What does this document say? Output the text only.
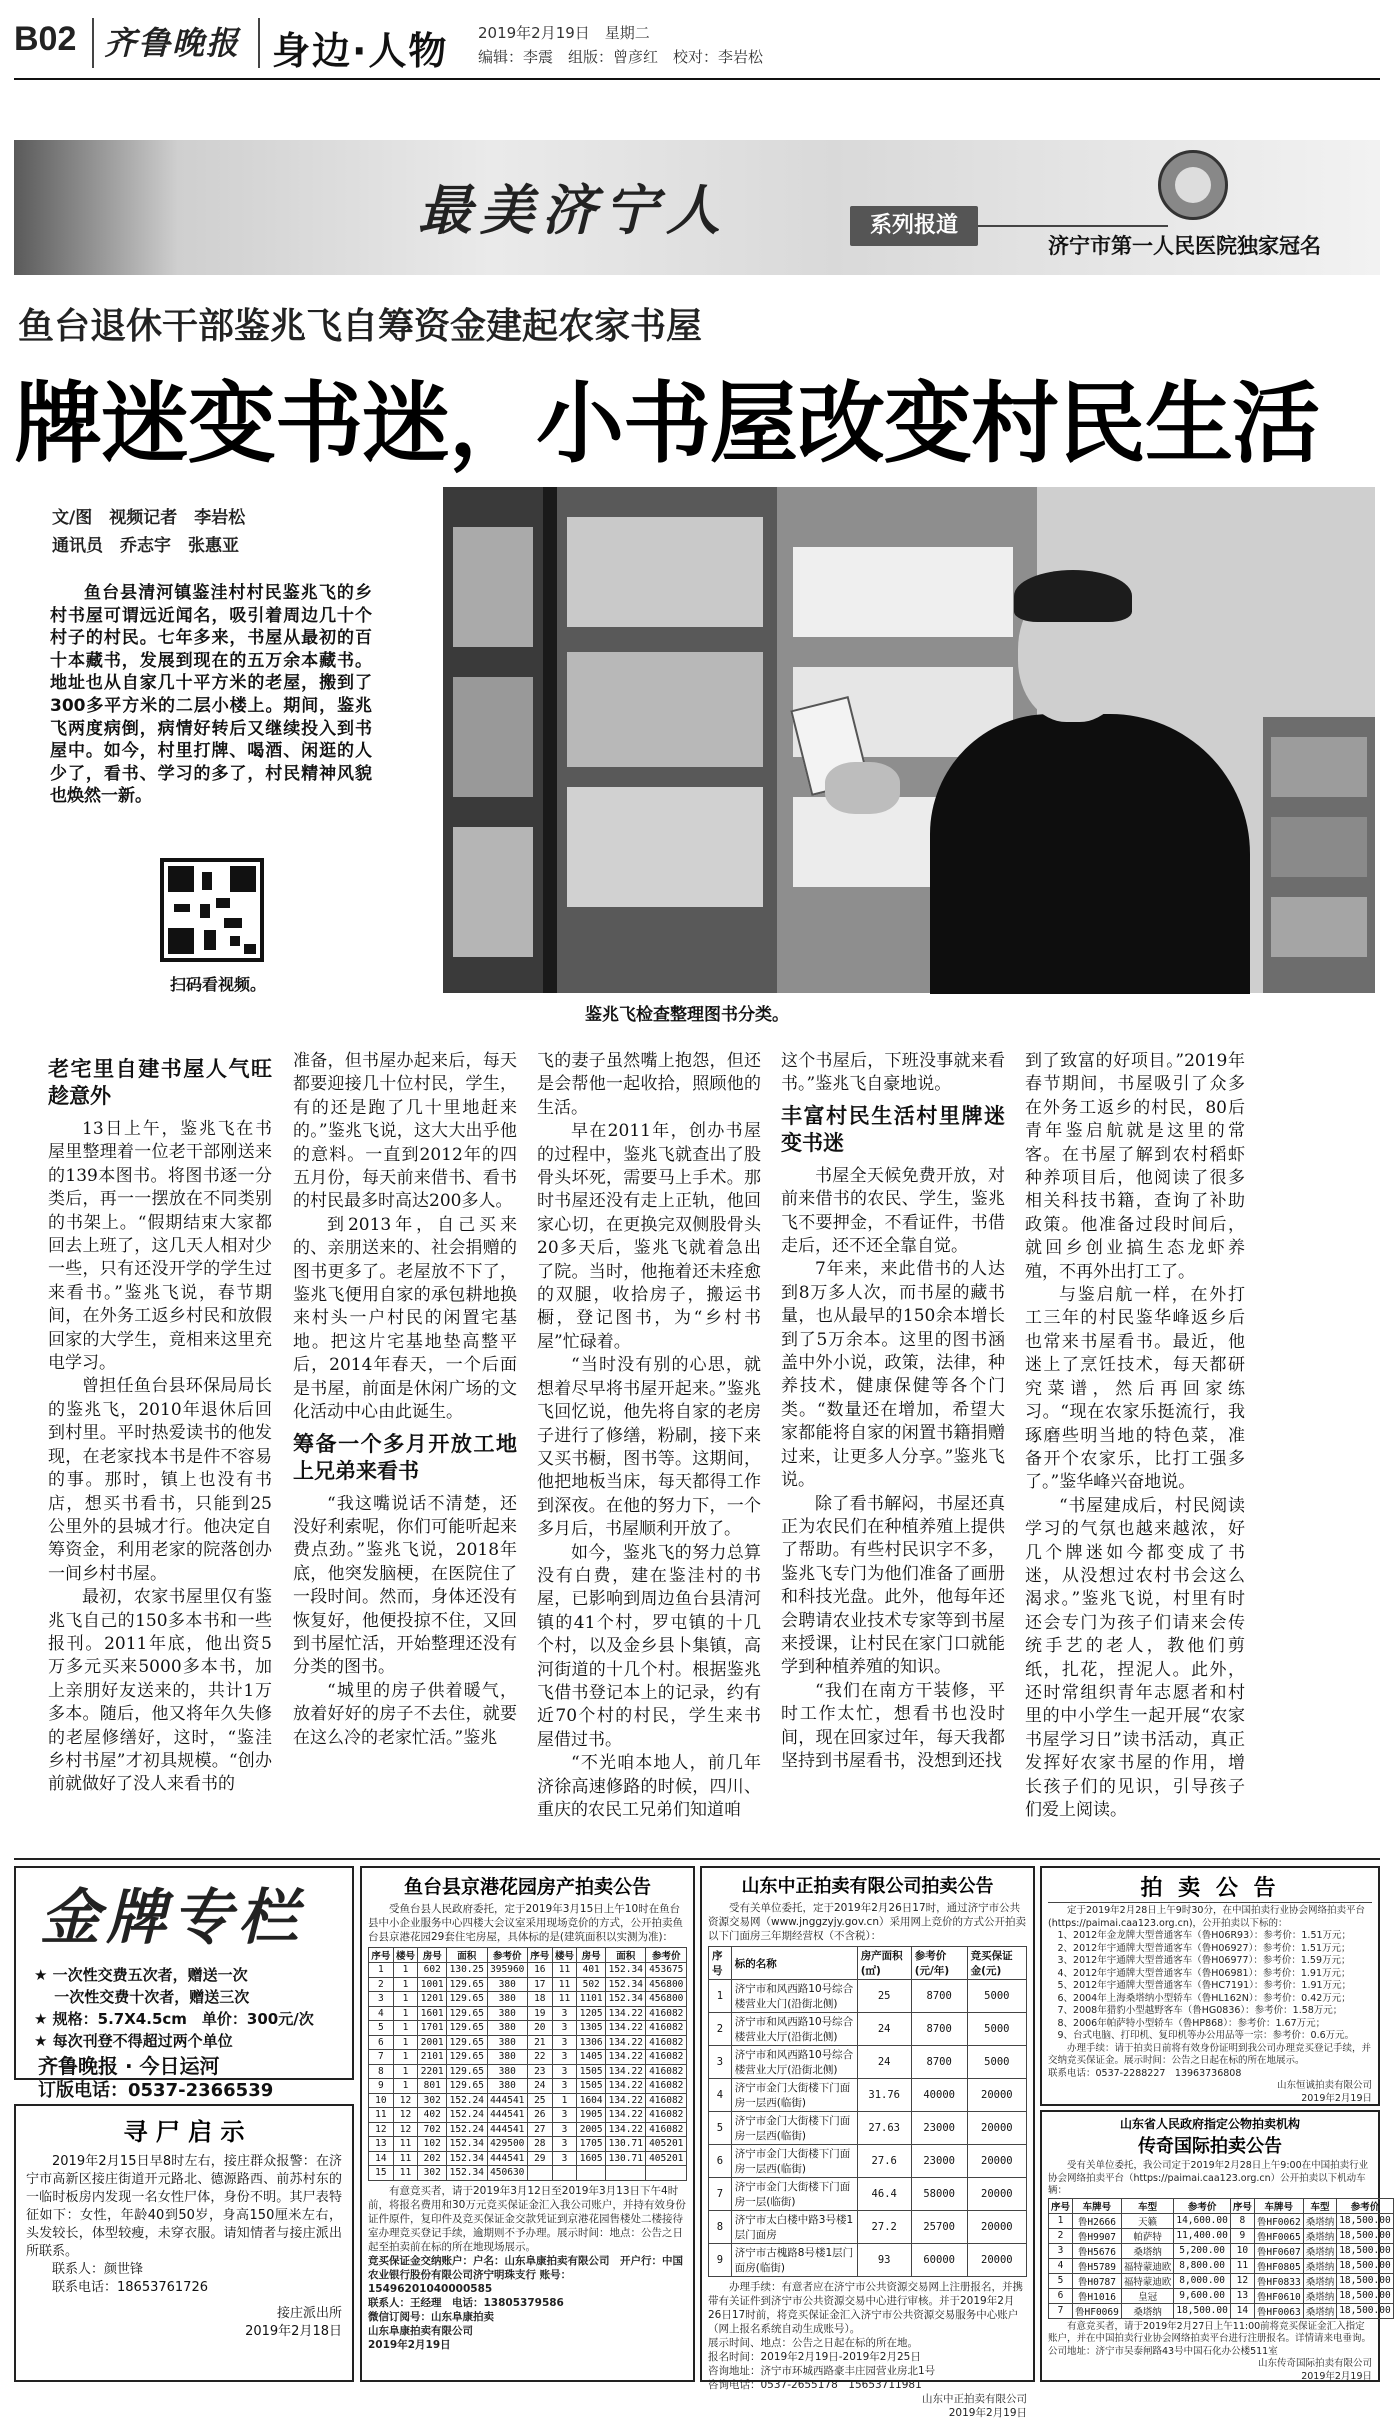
B02 齐鲁晚报 身边·人物 2019年2月19日　星期二
编辑：李震　组版：曾彦红　校对：李岩松
最美济宁人	系列报道
济宁市第一人民医院独家冠名
鱼台退休干部鉴兆飞自筹资金建起农家书屋
牌迷变书迷，小书屋改变村民生活
文/图　视频记者　李岩松
通讯员　乔志宇　张惠亚
鉴兆飞检查整理图书分类。
鱼台县清河镇鉴洼村村民鉴兆飞的乡村书屋可谓远近闻名，吸引着周边几十个村子的村民。七年多来，书屋从最初的百十本藏书，发展到现在的五万余本藏书。地址也从自家几十平方米的老屋，搬到了300多平方米的二层小楼上。期间，鉴兆飞两度病倒，病情好转后又继续投入到书屋中。如今，村里打牌、喝酒、闲逛的人少了，看书、学习的多了，村民精神风貌也焕然一新。
扫码看视频。
老宅里自建书屋人气旺趁意外

13日上午，鉴兆飞在书屋里整理着一位老干部刚送来的139本图书。将图书逐一分类后，再一一摆放在不同类别的书架上。“假期结束大家都回去上班了，这几天人相对少一些，只有还没开学的学生过来看书。”鉴兆飞说，春节期间，在外务工返乡村民和放假回家的大学生，竟相来这里充电学习。

曾担任鱼台县环保局局长的鉴兆飞，2010年退休后回到村里。平时热爱读书的他发现，在老家找本书是件不容易的事。那时，镇上也没有书店，想买书看书，只能到25公里外的县城才行。他决定自筹资金，利用老家的院落创办一间乡村书屋。

最初，农家书屋里仅有鉴兆飞自己的150多本书和一些报刊。2011年底，他出资5万多元买来5000多本书，加上亲朋好友送来的，共计1万多本。随后，他又将年久失修的老屋修缮好，这时，“鉴洼乡村书屋”才初具规模。“创办前就做好了没人来看书的

准备，但书屋办起来后，每天都要迎接几十位村民，学生，有的还是跑了几十里地赶来的。”鉴兆飞说，这大大出乎他的意料。一直到2012年的四五月份，每天前来借书、看书的村民最多时高达200多人。

到2013年，自己买来的、亲朋送来的、社会捐赠的图书更多了。老屋放不下了，鉴兆飞便用自家的承包耕地换来村头一户村民的闲置宅基地。把这片宅基地垫高整平后，2014年春天，一个后面是书屋，前面是休闲广场的文化活动中心由此诞生。

筹备一个多月开放工地上兄弟来看书

“我这嘴说话不清楚，还没好利索呢，你们可能听起来费点劲。”鉴兆飞说，2018年底，他突发脑梗，在医院住了一段时间。然而，身体还没有恢复好，他便投掠不住，又回到书屋忙活，开始整理还没有分类的图书。

“城里的房子供着暖气，放着好好的房子不去住，就要在这么冷的老家忙活。”鉴兆

飞的妻子虽然嘴上抱怨，但还是会帮他一起收拾，照顾他的生活。

早在2011年，创办书屋的过程中，鉴兆飞就查出了股骨头坏死，需要马上手术。那时书屋还没有走上正轨，他回家心切，在更换完双侧股骨头20多天后，鉴兆飞就着急出了院。当时，他拖着还未痊愈的双腿，收拾房子，搬运书橱，登记图书，为“乡村书屋”忙碌着。

“当时没有别的心思，就想着尽早将书屋开起来。”鉴兆飞回忆说，他先将自家的老房子进行了修缮，粉刷，接下来又买书橱，图书等。这期间，他把地板当床，每天都得工作到深夜。在他的努力下，一个多月后，书屋顺利开放了。

如今，鉴兆飞的努力总算没有白费，建在鉴洼村的书屋，已影响到周边鱼台县清河镇的41个村，罗屯镇的十几个村，以及金乡县卜集镇，高河街道的十几个村。根据鉴兆飞借书登记本上的记录，约有近70个村的村民，学生来书屋借过书。

“不光咱本地人，前几年济徐高速修路的时候，四川、重庆的农民工兄弟们知道咱

这个书屋后，下班没事就来看书。”鉴兆飞自豪地说。

丰富村民生活村里牌迷变书迷

书屋全天候免费开放，对前来借书的农民、学生，鉴兆飞不要押金，不看证件，书借走后，还不还全靠自觉。

7年来，来此借书的人达到8万多人次，而书屋的藏书量，也从最早的150余本增长到了5万余本。这里的图书涵盖中外小说，政策，法律，种养技术，健康保健等各个门类。“数量还在增加，希望大家都能将自家的闲置书籍捐赠过来，让更多人分享。”鉴兆飞说。

除了看书解闷，书屋还真正为农民们在种植养殖上提供了帮助。有些村民识字不多，鉴兆飞专门为他们准备了画册和科技光盘。此外，他每年还会聘请农业技术专家等到书屋来授课，让村民在家门口就能学到种植养殖的知识。

“我们在南方干装修，平时工作太忙，想看书也没时间，现在回家过年，每天我都坚持到书屋看书，没想到还找

到了致富的好项目。”2019年春节期间，书屋吸引了众多在外务工返乡的村民，80后青年鉴启航就是这里的常客。在书屋了解到农村稻虾种养项目后，他阅读了很多相关科技书籍，查询了补助政策。他准备过段时间后，就回乡创业搞生态龙虾养殖，不再外出打工了。

与鉴启航一样，在外打工三年的村民鉴华峰返乡后也常来书屋看书。最近，他迷上了烹饪技术，每天都研究菜谱，然后再回家练习。“现在农家乐挺流行，我琢磨些明当地的特色菜，准备开个农家乐，比打工强多了。”鉴华峰兴奋地说。

“书屋建成后，村民阅读学习的气氛也越来越浓，好几个牌迷如今都变成了书迷，从没想过农村书会这么渴求。”鉴兆飞说，村里有时还会专门为孩子们请来会传统手艺的老人，教他们剪纸，扎花，捏泥人。此外，还时常组织青年志愿者和村里的中小学生一起开展“农家书屋学习日”读书活动，真正发挥好农家书屋的作用，增长孩子们的见识，引导孩子们爱上阅读。

金牌专栏
★ 一次性交费五次者，赠送一次
　 一次性交费十次者，赠送三次
★ 规格：5.7X4.5cm　单价：300元/次
★ 每次刊登不得超过两个单位
齐鲁晚报 · 今日运河
订版电话：0537-2366539
寻 尸 启 示
2019年2月15日早8时左右，接庄群众报警：在济宁市高新区接庄街道开元路北、德源路西、前苏村东的一临时板房内发现一名女性尸体，身份不明。其尸表特征如下：女性，年龄40到50岁，身高150厘米左右，头发较长，体型较瘦，未穿衣服。请知情者与接庄派出所联系。
联系人：颜世锋
联系电话：18653761726
接庄派出所
2019年2月18日
鱼台县京港花园房产拍卖公告
受鱼台县人民政府委托，定于2019年3月15日上午10时在鱼台县中小企业服务中心四楼大会议室采用现场竞价的方式，公开拍卖鱼台县京港花园29套住宅房屋，具体标的是(建筑面积以实测为准)：
序号	楼号	房号	面积	参考价	序号	楼号	房号	面积	参考价
1	1	602	130.25	395960	16	11	401	152.34	453675
2	1	1001	129.65	380	17	11	502	152.34	456800
3	1	1201	129.65	380	18	11	1101	152.34	456800
4	1	1601	129.65	380	19	3	1205	134.22	416082
5	1	1701	129.65	380	20	3	1305	134.22	416082
6	1	2001	129.65	380	21	3	1306	134.22	416082
7	1	2101	129.65	380	22	3	1405	134.22	416082
8	1	2201	129.65	380	23	3	1505	134.22	416082
9	1	801	129.65	380	24	3	1505	134.22	416082
10	12	302	152.24	444541	25	1	1604	134.22	416082
11	12	402	152.24	444541	26	3	1905	134.22	416082
12	12	702	152.24	444541	27	3	2005	134.22	416082
13	11	102	152.34	429500	28	3	1705	130.71	405201
14	11	202	152.34	444541	29	3	1605	130.71	405201
15	11	302	152.34	450630					
有意竞买者，请于2019年3月12日至2019年3月13日下午4时前，将报名费用和30万元竞买保证金汇入我公司账户，并持有效身份证件原件，复印件及竞买保证金交款凭证到京港花园售楼处二楼接待室办理竞买登记手续，逾期则不予办理。展示时间：地点：公告之日起至拍卖前在标的所在地现场展示。
竞买保证金交纳账户：户名：山东阜康拍卖有限公司　开户行：中国农业银行股份有限公司济宁明珠支行 账号：15496201040000585
联系人：王经理　电话：13805379586
微信订阅号：山东阜康拍卖
山东阜康拍卖有限公司
2019年2月19日
山东中正拍卖有限公司拍卖公告
受有关单位委托，定于2019年2月26日17时，通过济宁市公共资源交易网（www.jnggzyjy.gov.cn）采用网上竞价的方式公开拍卖以下门面房三年期经营权（不含税）：
序号	标的名称	房产面积(㎡)	参考价(元/年)	竞买保证金(元)
1	济宁市和风西路10号综合楼营业大门(沿街北侧)	25	8700	5000
2	济宁市和风西路10号综合楼营业大厅(沿街北侧)	24	8700	5000
3	济宁市和风西路10号综合楼营业大厅(沿街北侧)	24	8700	5000
4	济宁市金门大街楼下门面房一层西(临街)	31.76	40000	20000
5	济宁市金门大街楼下门面房一层西(临街)	27.63	23000	20000
6	济宁市金门大街楼下门面房一层西(临街)	27.6	23000	20000
7	济宁市金门大街楼下门面房一层(临街)	46.4	58000	20000
8	济宁市太白楼中路3号楼1层门面房	27.2	25700	20000
9	济宁市古槐路8号楼1层门面房(临街)	93	60000	20000
办理手续：有意者应在济宁市公共资源交易网上注册报名，并携带有关证件到济宁市公共资源交易中心进行审核。并于2019年2月26日17时前，将竞买保证金汇入济宁市公共资源交易服务中心账户（网上报名系统自动生成账号）。
展示时间、地点：公告之日起在标的所在地。
报名时间：2019年2月19日-2019年2月25日
咨询地址：济宁市环城西路豪丰庄园营业房北1号
咨询电话：0537-2655178　15653711981
山东中正拍卖有限公司
2019年2月19日
拍 卖 公 告
定于2019年2月28日上午9时30分，在中国拍卖行业协会网络拍卖平台(https://paimai.caa123.org.cn)，公开拍卖以下标的：
1、2012年金龙牌大型普通客车（鲁H06R93）：参考价：1.51万元；
2、2012年宇通牌大型普通客车（鲁H06927）：参考价：1.51万元；
3、2012年宇通牌大型普通客车（鲁H06977）：参考价：1.59万元；
4、2012年宇通牌大型普通客车（鲁H06981）：参考价：1.91万元；
5、2012年宇通牌大型普通客车（鲁HC7191）：参考价：1.91万元；
6、2004年上海桑塔纳小型轿车（鲁HL162N）：参考价：0.42万元；
7、2008年猎豹小型越野客车（鲁HG0836）：参考价：1.58万元；
8、2006年帕萨特小型轿车（鲁HP868）：参考价：1.67万元；
9、台式电脑、打印机、复印机等办公用品等一宗：参考价：0.6万元。
办理手续：请于拍卖日前将有效身份证明到我公司办理竞买登记手续，并交纳竞买保证金。展示时间：公告之日起在标的所在地展示。
联系电话：0537-2288227　13963736808
山东恒诚拍卖有限公司
2019年2月19日
山东省人民政府指定公物拍卖机构
传奇国际拍卖公告
受有关单位委托，我公司定于2019年2月28日上午9:00在中国拍卖行业协会网络拍卖平台（https://paimai.caa123.org.cn）公开拍卖以下机动车辆：
序号	车牌号	车型	参考价	序号	车牌号	车型	参考价
1	鲁H2666	天籁	14,600.00	8	鲁HF0062	桑塔纳	18,500.00
2	鲁H9907	帕萨特	11,400.00	9	鲁HF0065	桑塔纳	18,500.00
3	鲁H5676	桑塔纳	5,200.00	10	鲁HF0607	桑塔纳	18,500.00
4	鲁H5789	福特蒙迪欧	8,800.00	11	鲁HF0805	桑塔纳	18,500.00
5	鲁H0787	福特蒙迪欧	8,000.00	12	鲁HF0833	桑塔纳	18,500.00
6	鲁H1016	皇冠	9,600.00	13	鲁HF0610	桑塔纳	18,500.00
7	鲁HF0069	桑塔纳	18,500.00	14	鲁HF0063	桑塔纳	18,500.00
有意竞买者，请于2019年2月27日上午11:00前将竞买保证金汇入指定账户，并在中国拍卖行业协会网络拍卖平台进行注册报名。详情请来电垂询。
公司地址：济宁市吴泰闸路43号中国石化办公楼511室
山东传奇国际拍卖有限公司
2019年2月19日
